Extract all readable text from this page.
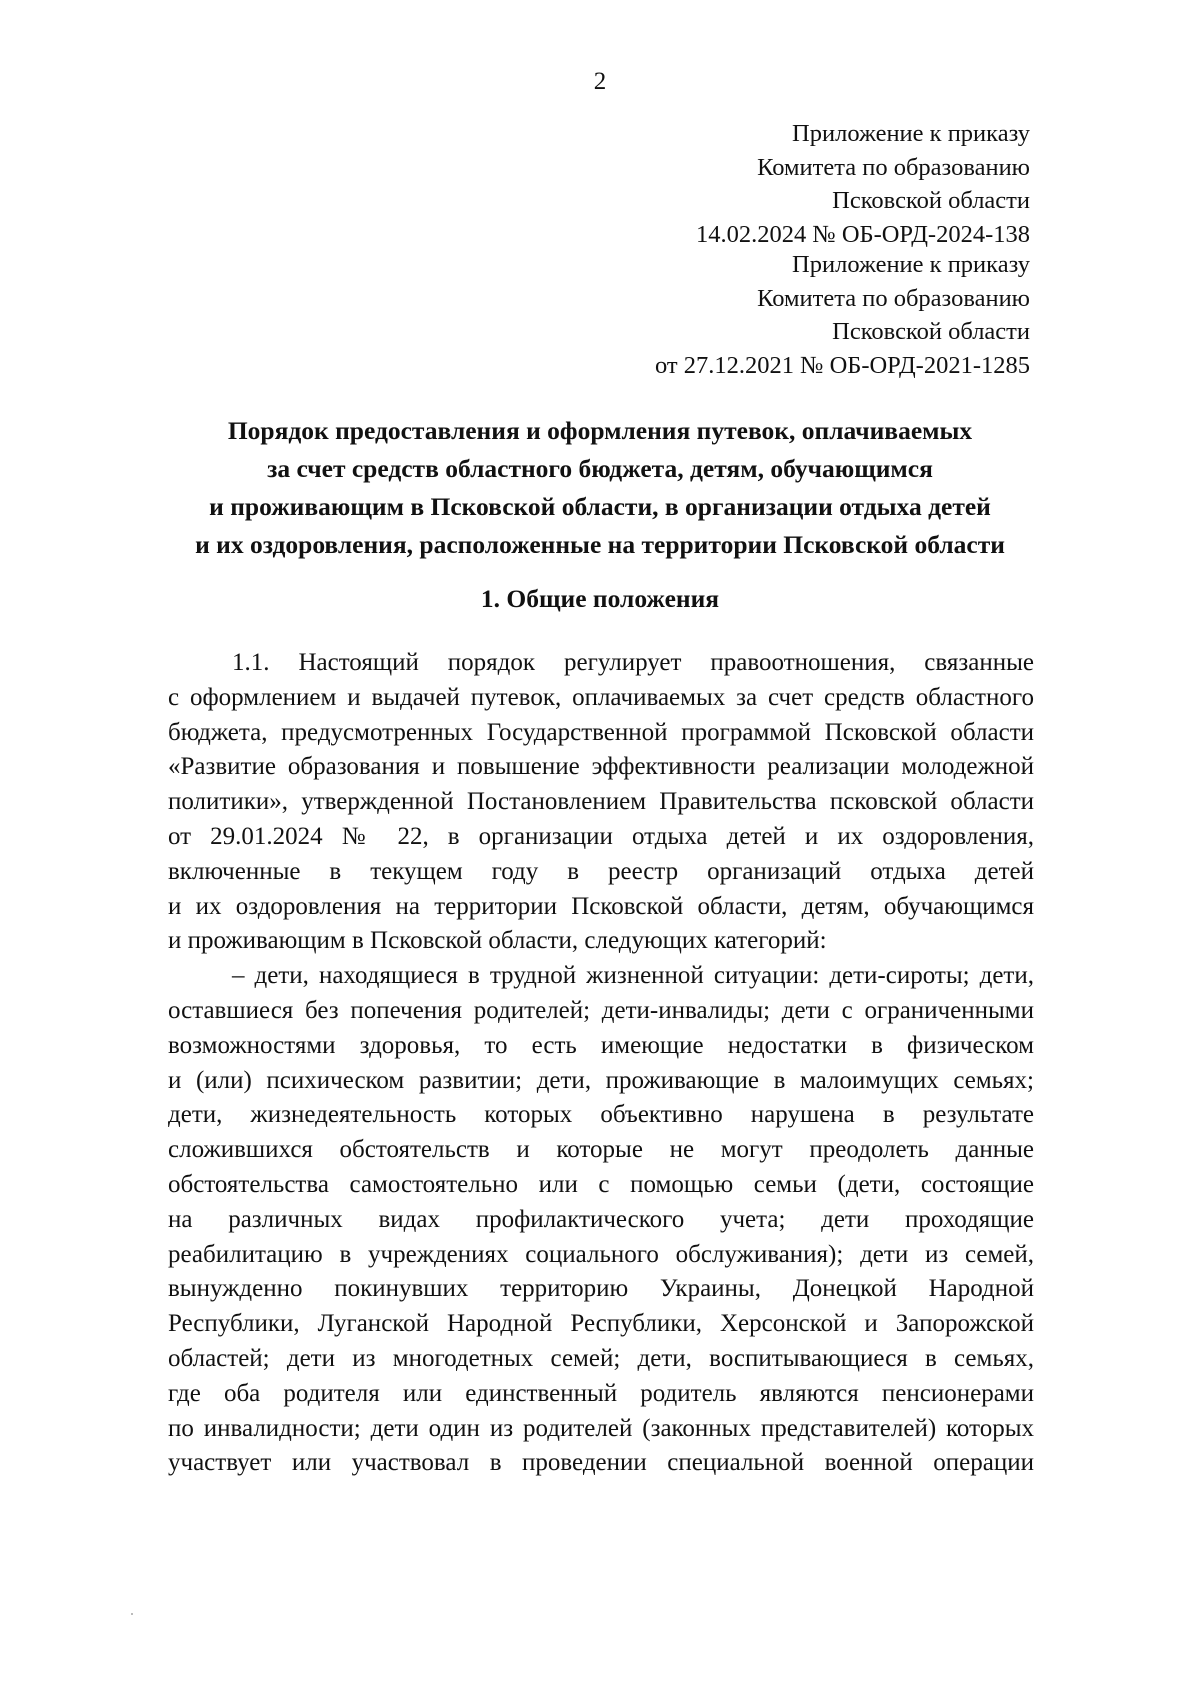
2
Приложение к приказу
Комитета по образованию
Псковской области
14.02.2024 № ОБ-ОРД-2024-138
Приложение к приказу
Комитета по образованию
Псковской области
от 27.12.2021 № ОБ-ОРД-2021-1285
Порядок предоставления и оформления путевок, оплачиваемых
за счет средств областного бюджета, детям, обучающимся
и проживающим в Псковской области, в организации отдыха детей
и их оздоровления, расположенные на территории Псковской области
1. Общие положения
1.1. Настоящий порядок регулирует правоотношения, связанные
с оформлением и выдачей путевок, оплачиваемых за счет средств областного
бюджета, предусмотренных Государственной программой Псковской области
«Развитие образования и повышение эффективности реализации молодежной
политики», утвержденной Постановлением Правительства псковской области
от 29.01.2024 № 22, в организации отдыха детей и их оздоровления,
включенные в текущем году в реестр организаций отдыха детей
и их оздоровления на территории Псковской области, детям, обучающимся
и проживающим в Псковской области, следующих категорий:
– дети, находящиеся в трудной жизненной ситуации: дети-сироты; дети,
оставшиеся без попечения родителей; дети-инвалиды; дети с ограниченными
возможностями здоровья, то есть имеющие недостатки в физическом
и (или) психическом развитии; дети, проживающие в малоимущих семьях;
дети, жизнедеятельность которых объективно нарушена в результате
сложившихся обстоятельств и которые не могут преодолеть данные
обстоятельства самостоятельно или с помощью семьи (дети, состоящие
на различных видах профилактического учета; дети проходящие
реабилитацию в учреждениях социального обслуживания); дети из семей,
вынужденно покинувших территорию Украины, Донецкой Народной
Республики, Луганской Народной Республики, Херсонской и Запорожской
областей; дети из многодетных семей; дети, воспитывающиеся в семьях,
где оба родителя или единственный родитель являются пенсионерами
по инвалидности; дети один из родителей (законных представителей) которых
участвует или участвовал в проведении специальной военной операции
